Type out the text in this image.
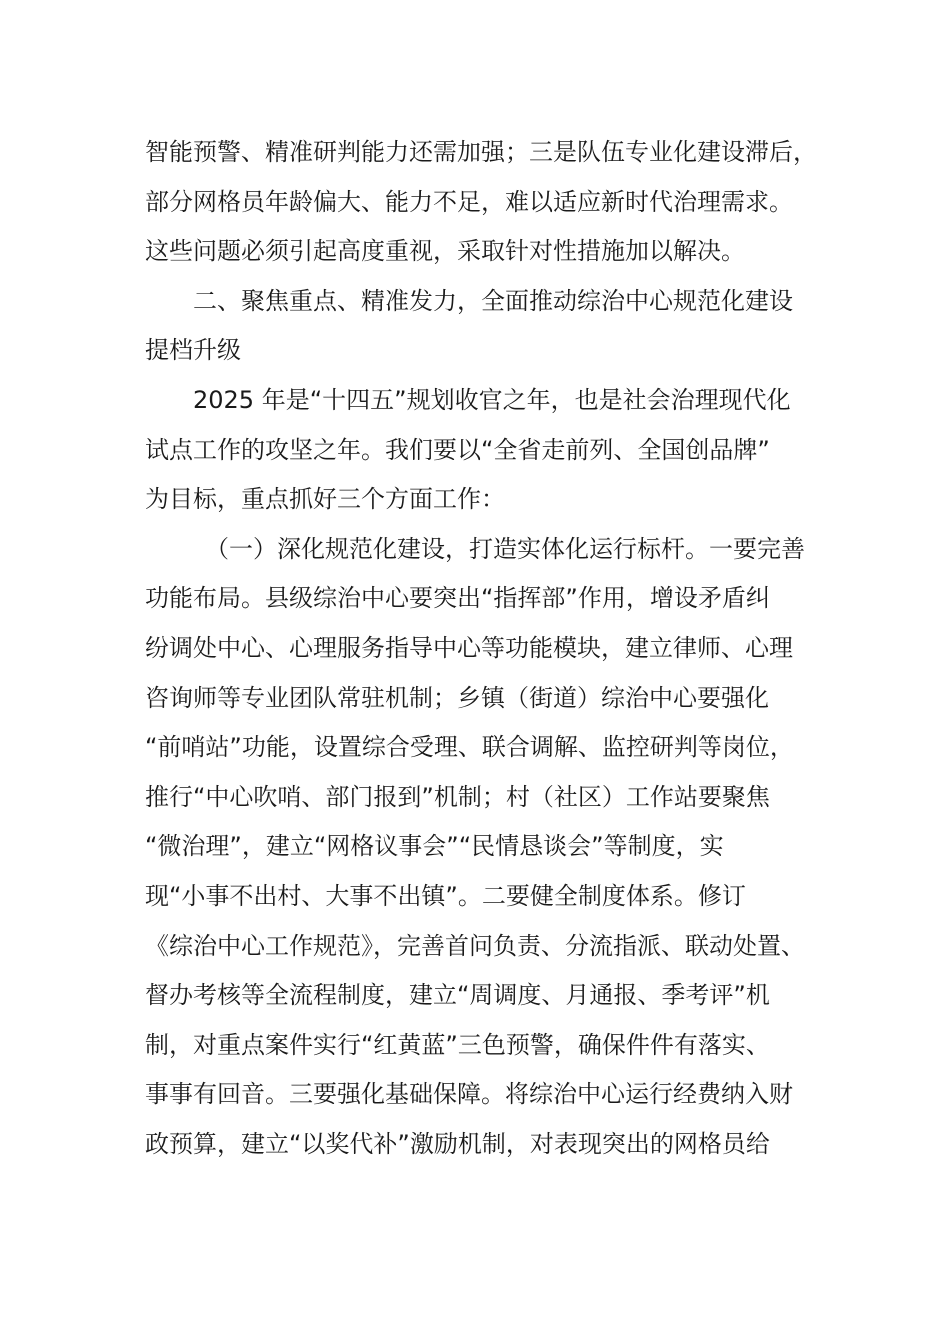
智能预警、精准研判能力还需加强；三是队伍专业化建设滞后，
部分网格员年龄偏大、能力不足，难以适应新时代治理需求。
这些问题必须引起高度重视，采取针对性措施加以解决。
二、聚焦重点、精准发力，全面推动综治中心规范化建设
提档升级
2025 年是“十四五”规划收官之年，也是社会治理现代化
试点工作的攻坚之年。我们要以“全省走前列、全国创品牌”
为目标，重点抓好三个方面工作：
（一）深化规范化建设，打造实体化运行标杆。一要完善
功能布局。县级综治中心要突出“指挥部”作用，增设矛盾纠
纷调处中心、心理服务指导中心等功能模块，建立律师、心理
咨询师等专业团队常驻机制；乡镇（街道）综治中心要强化
“前哨站”功能，设置综合受理、联合调解、监控研判等岗位，
推行“中心吹哨、部门报到”机制；村（社区）工作站要聚焦
“微治理”，建立“网格议事会”“民情恳谈会”等制度，实
现“小事不出村、大事不出镇”。二要健全制度体系。修订
《综治中心工作规范》，完善首问负责、分流指派、联动处置、
督办考核等全流程制度，建立“周调度、月通报、季考评”机
制，对重点案件实行“红黄蓝”三色预警，确保件件有落实、
事事有回音。三要强化基础保障。将综治中心运行经费纳入财
政预算，建立“以奖代补”激励机制，对表现突出的网格员给
